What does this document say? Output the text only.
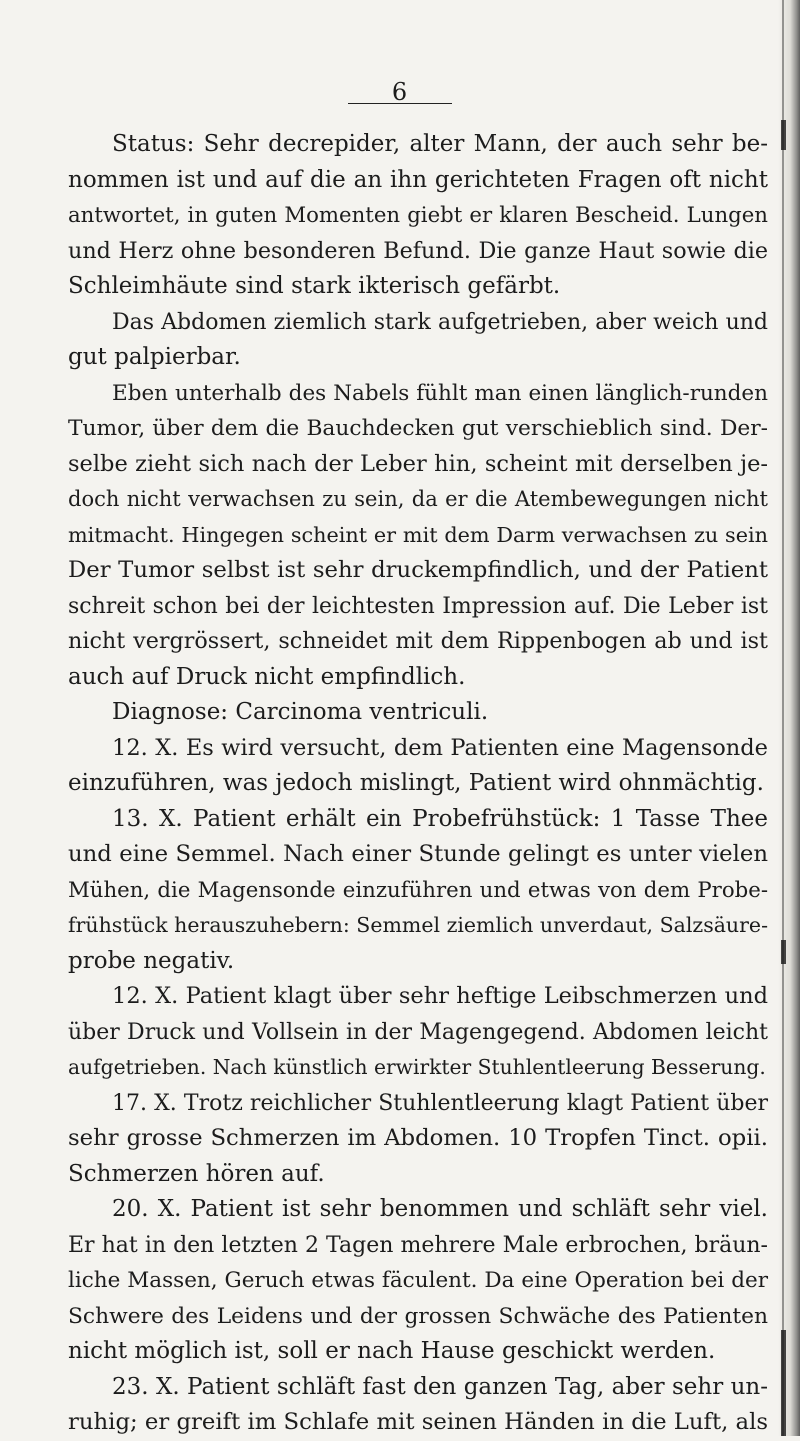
6
Status: Sehr decrepider, alter Mann, der auch sehr be-
nommen ist und auf die an ihn gerichteten Fragen oft nicht
antwortet, in guten Momenten giebt er klaren Bescheid. Lungen
und Herz ohne besonderen Befund. Die ganze Haut sowie die
Schleimhäute sind stark ikterisch gefärbt.
Das Abdomen ziemlich stark aufgetrieben, aber weich und
gut palpierbar.
Eben unterhalb des Nabels fühlt man einen länglich-runden
Tumor, über dem die Bauchdecken gut verschieblich sind. Der-
selbe zieht sich nach der Leber hin, scheint mit derselben je-
doch nicht verwachsen zu sein, da er die Atembewegungen nicht
mitmacht. Hingegen scheint er mit dem Darm verwachsen zu sein
Der Tumor selbst ist sehr druckempfindlich, und der Patient
schreit schon bei der leichtesten Impression auf. Die Leber ist
nicht vergrössert, schneidet mit dem Rippenbogen ab und ist
auch auf Druck nicht empfindlich.
Diagnose: Carcinoma ventriculi.
12. X. Es wird versucht, dem Patienten eine Magensonde
einzuführen, was jedoch mislingt, Patient wird ohnmächtig.
13. X. Patient erhält ein Probefrühstück: 1 Tasse Thee
und eine Semmel. Nach einer Stunde gelingt es unter vielen
Mühen, die Magensonde einzuführen und etwas von dem Probe-
frühstück herauszuhebern: Semmel ziemlich unverdaut, Salzsäure-
probe negativ.
12. X. Patient klagt über sehr heftige Leibschmerzen und
über Druck und Vollsein in der Magengegend. Abdomen leicht
aufgetrieben. Nach künstlich erwirkter Stuhlentleerung Besserung.
17. X. Trotz reichlicher Stuhlentleerung klagt Patient über
sehr grosse Schmerzen im Abdomen. 10 Tropfen Tinct. opii.
Schmerzen hören auf.
20. X. Patient ist sehr benommen und schläft sehr viel.
Er hat in den letzten 2 Tagen mehrere Male erbrochen, bräun-
liche Massen, Geruch etwas fäculent. Da eine Operation bei der
Schwere des Leidens und der grossen Schwäche des Patienten
nicht möglich ist, soll er nach Hause geschickt werden.
23. X. Patient schläft fast den ganzen Tag, aber sehr un-
ruhig; er greift im Schlafe mit seinen Händen in die Luft, als
